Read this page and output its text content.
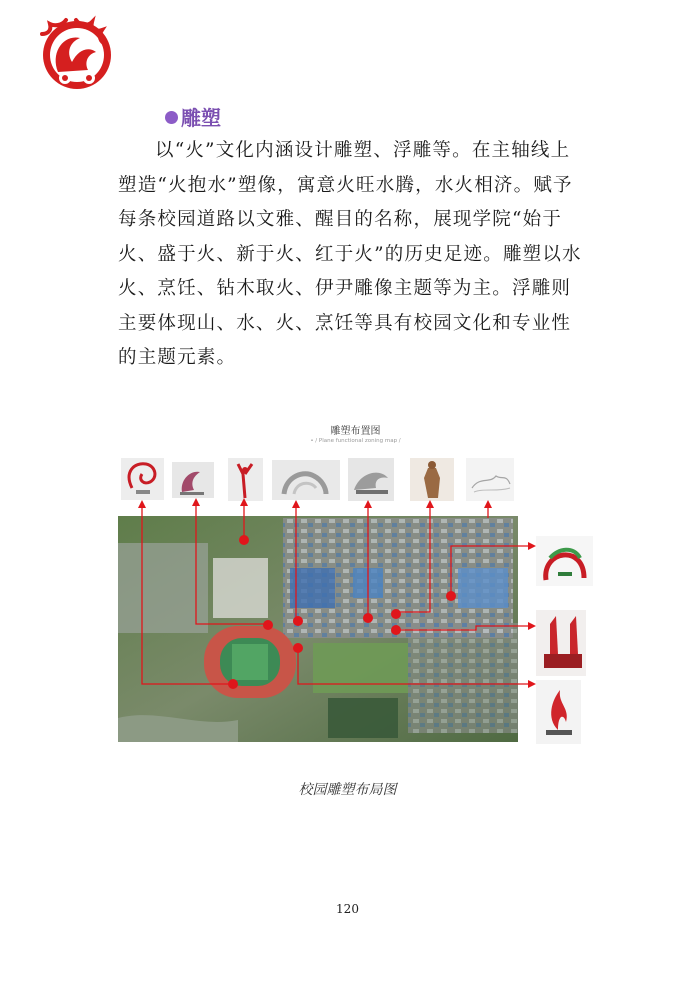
雕塑

以“火”文化内涵设计雕塑、浮雕等。在主轴线上塑造“火抱水”塑像，寓意火旺水腾，水火相济。赋予每条校园道路以文雅、醒目的名称，展现学院“始于火、盛于火、新于火、红于火”的历史足迹。雕塑以水火、烹饪、钻木取火、伊尹雕像主题等为主。浮雕则主要体现山、水、火、烹饪等具有校园文化和专业性的主题元素。

雕塑布置图
• / Plane functional zoning map /
校园雕塑布局图
120
